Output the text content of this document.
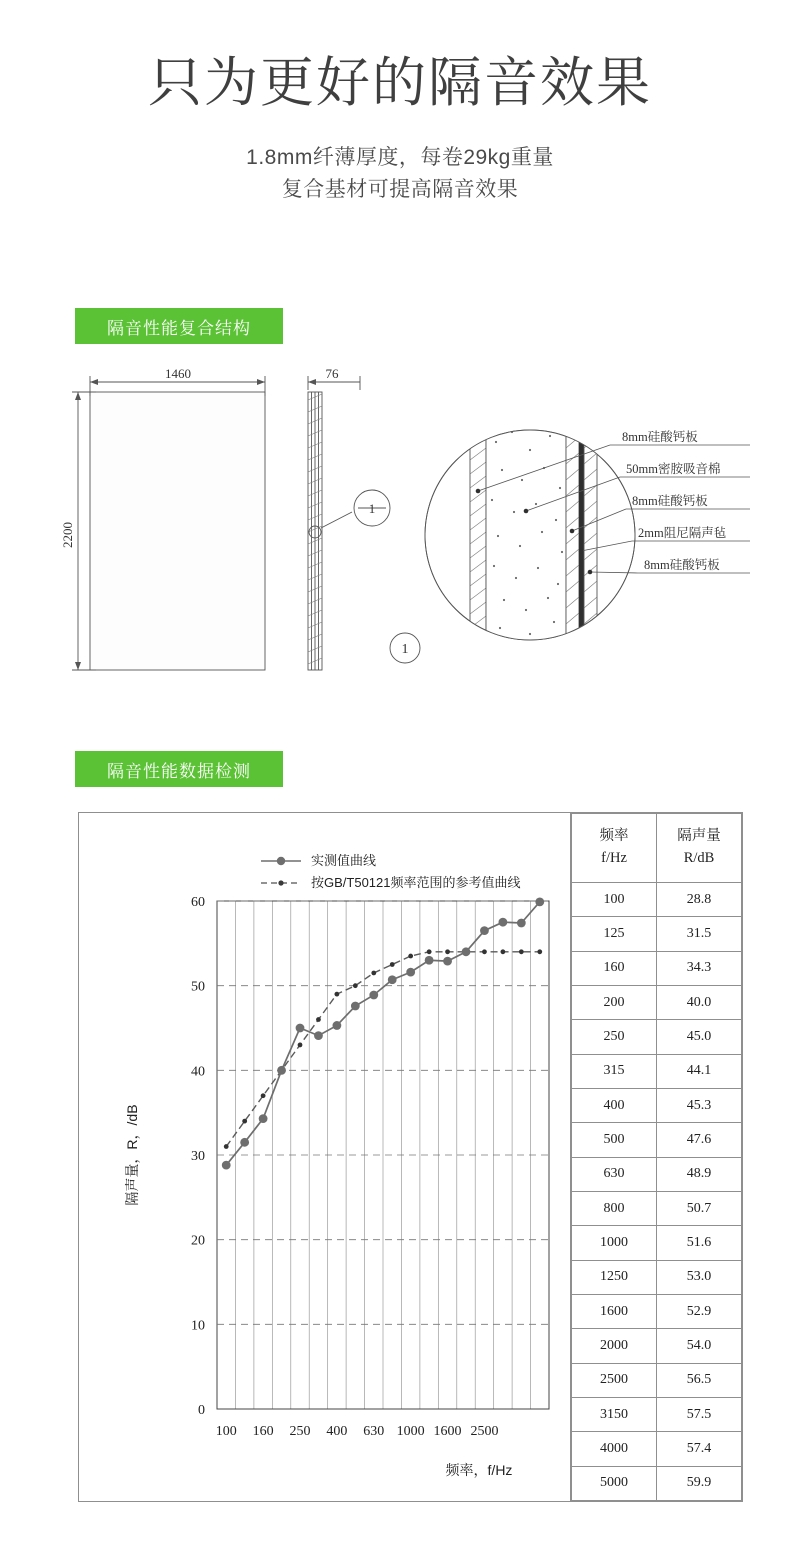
只为更好的隔音效果
1.8mm纤薄厚度，每卷29kg重量
复合基材可提高隔音效果
隔音性能复合结构
1460	76
2200
1
1
8mm硅酸钙板
50mm密胺吸音棉
8mm硅酸钙板
2mm阻尼隔声毡
8mm硅酸钙板
隔音性能数据检测
实测值曲线
按GB/T50121频率范围的参考值曲线
0
10
20
30
40
50
60
100 160 250 400 630 1000 1600 2500
频率，f/Hz
隔声量，R，/dB
频率
f/Hz

隔声量
R/dB

100	28.8
125	31.5
160	34.3
200	40.0
250	45.0
315	44.1
400	45.3
500	47.6
630	48.9
800	50.7
1000	51.6
1250	53.0
1600	52.9
2000	54.0
2500	56.5
3150	57.5
4000	57.4
5000	59.9
